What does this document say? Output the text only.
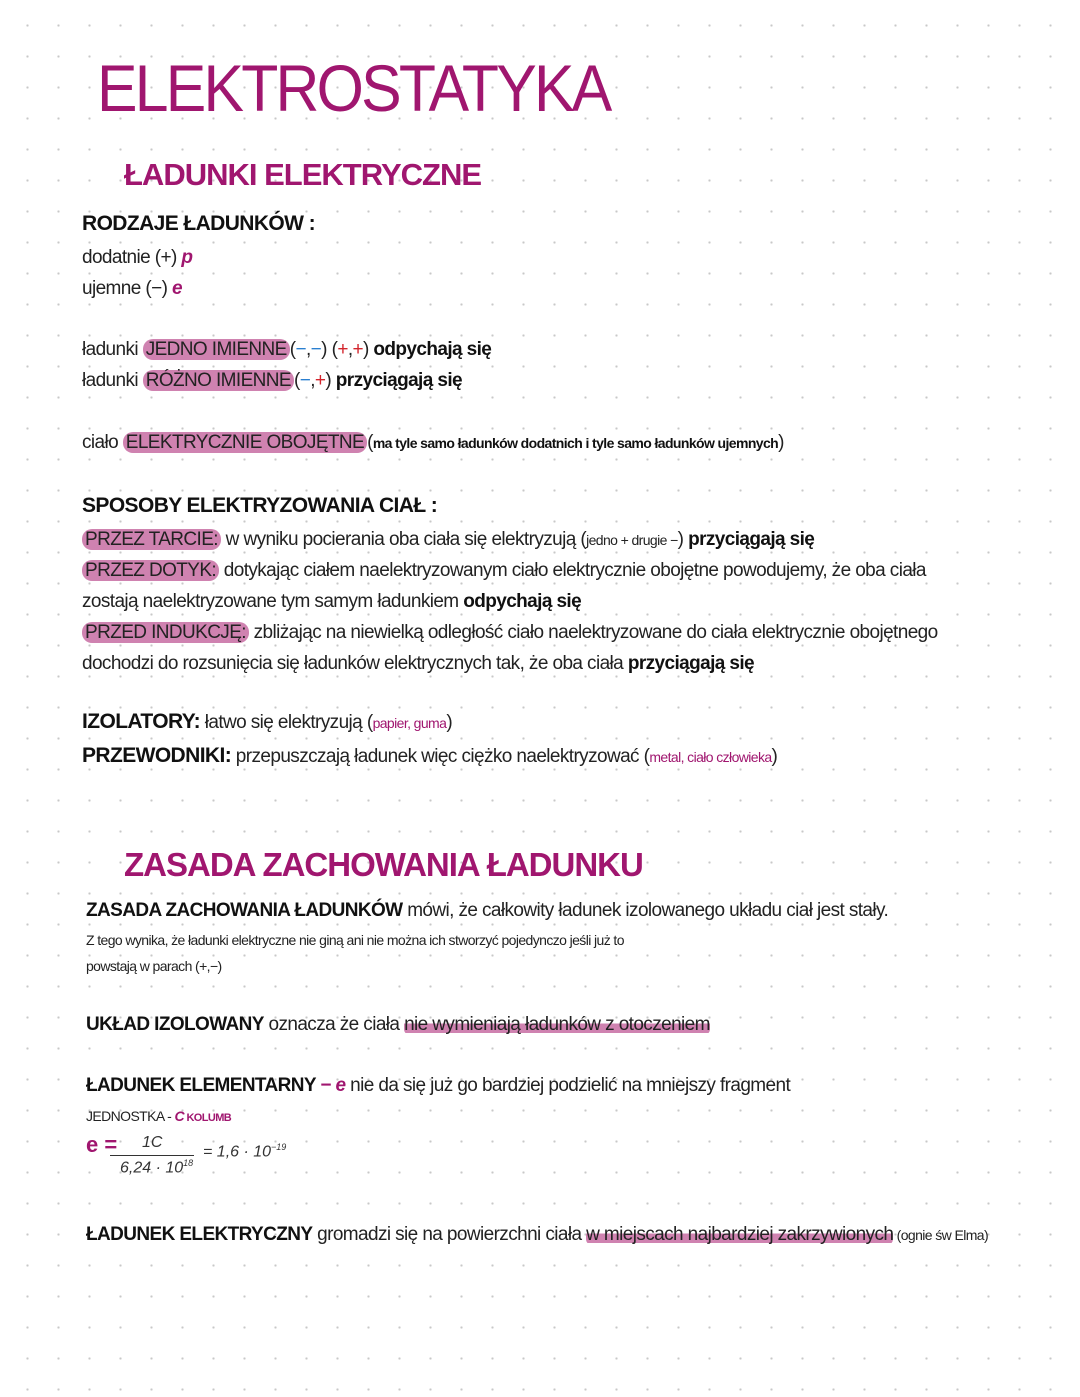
ELEKTROSTATYKA
ŁADUNKI ELEKTRYCZNE
RODZAJE ŁADUNKÓW :
dodatnie (+) p
ujemne (−) e
ładunki JEDNO IMIENNE (−,−) (+,+) odpychają się
ładunki RÓŻNO IMIENNE (−,+) przyciągają się
ciało ELEKTRYCZNIE OBOJĘTNE (ma tyle samo ładunków dodatnich i tyle samo ładunków ujemnych)
SPOSOBY ELEKTRYZOWANIA CIAŁ :
PRZEZ TARCIE: w wyniku pocierania oba ciała się elektryzują (jedno + drugie −) przyciągają się
PRZEZ DOTYK: dotykając ciałem naelektryzowanym ciało elektrycznie obojętne powodujemy, że oba ciała
zostają naelektryzowane tym samym ładunkiem odpychają się
PRZED INDUKCJĘ: zbliżając na niewielką odległość ciało naelektryzowane do ciała elektrycznie obojętnego
dochodzi do rozsunięcia się ładunków elektrycznych tak, że oba ciała przyciągają się
IZOLATORY: łatwo się elektryzują (papier, guma)
PRZEWODNIKI: przepuszczają ładunek więc ciężko naelektryzować (metal, ciało człowieka)
ZASADA ZACHOWANIA ŁADUNKU
ZASADA ZACHOWANIA ŁADUNKÓW mówi, że całkowity ładunek izolowanego układu ciał jest stały.
Z tego wynika, że ładunki elektryczne nie giną ani nie można ich stworzyć pojedynczo jeśli już to
powstają w parach (+,−)
UKŁAD IZOLOWANY oznacza że ciała nie wymieniają ładunków z otoczeniem
ŁADUNEK ELEMENTARNY − e nie da się już go bardziej podzielić na mniejszy fragment
JEDNOSTKA - C KOLUMB
e = 1C
$6,24 \cdot 10^{18}$
= $1,6 \cdot 10^{-19}$
ŁADUNEK ELEKTRYCZNY gromadzi się na powierzchni ciała w miejscach najbardziej zakrzywionych (ognie św Elma)
